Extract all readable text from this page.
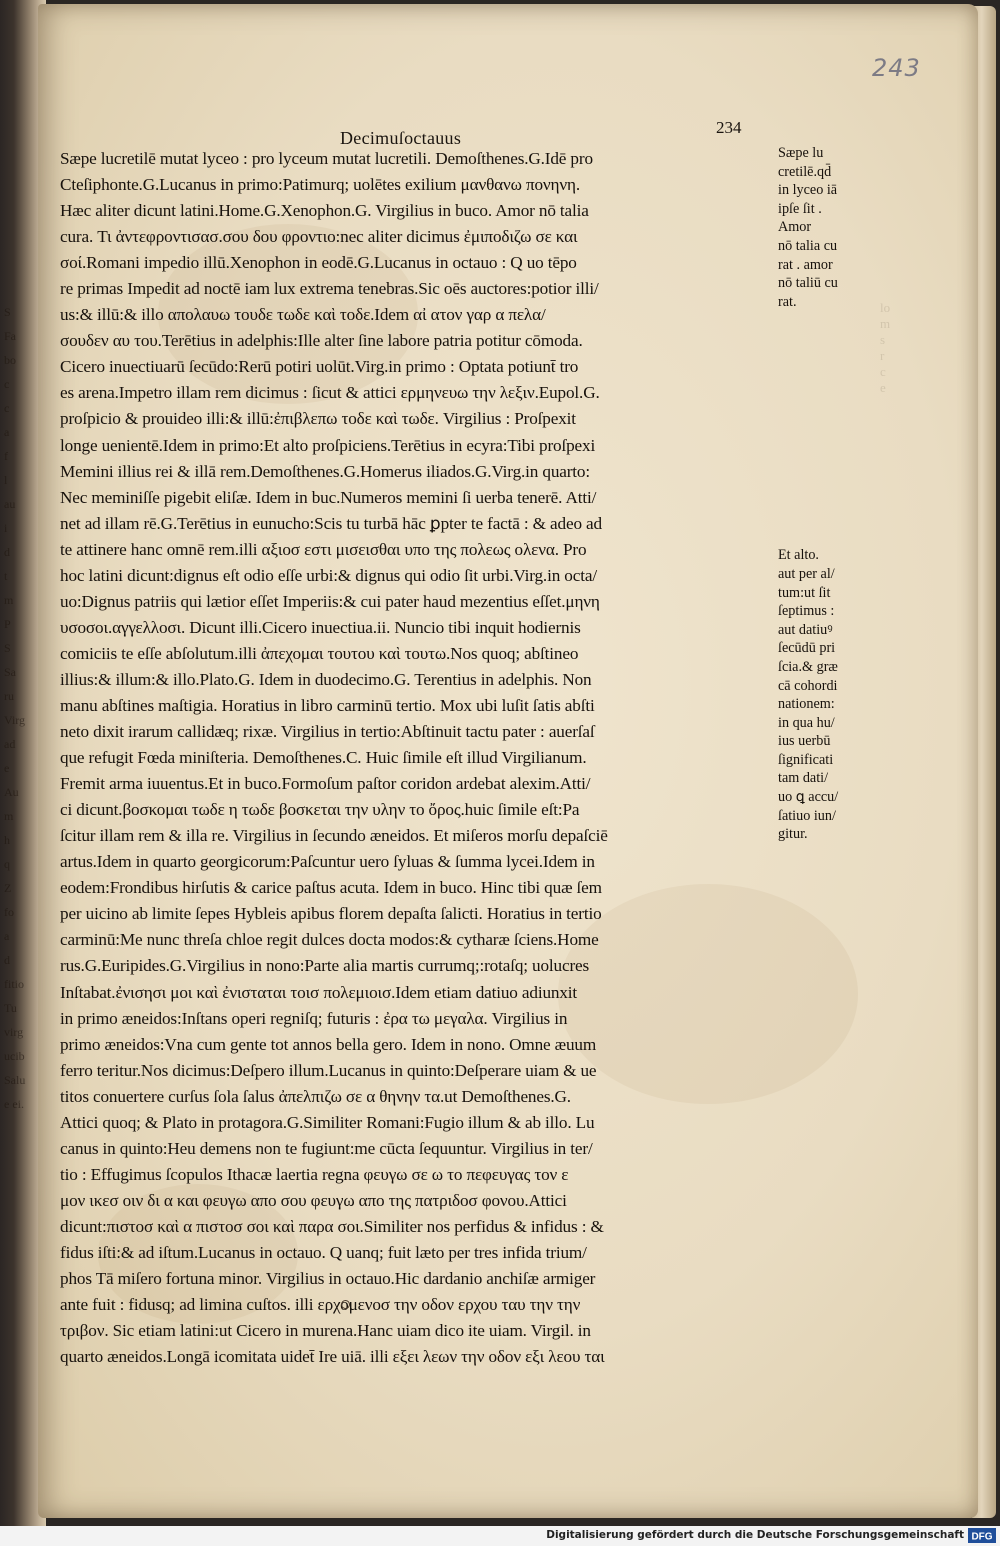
S
Fa
bo
c
c
a
f
l
au
i
d
t
m
P
S
Sa
ru
Virg
ad
e
Au
m
h
q
Z
fo
a
d
fitio
Tu
virg
ucib
Salu
e ei.
lo
m
s
r
c
e

243
Decimuſoctauus
234
Sæpe lucretilē mutat lyceo : pro lyceum mutat lucretili. Demoſthenes.G.Idē pro
Cteſiphonte.G.Lucanus in primo:Patimurq; uolētes exilium μανθανω πονηνη.
Hæc aliter dicunt latini.Home.G.Xenophon.G. Virgilius in buco. Amor nō talia
cura. Τι ἀντεφροντισασ.σου δου φροντιο:nec aliter dicimus ἐμιποδιζω σε και
σοί.Romani impedio illū.Xenophon in eodē.G.Lucanus in octauo : Q uo tēpo
re primas Impedit ad noctē iam lux extrema tenebras.Sic oēs auctores:potior illi/
us:& illū:& illo απολαυω τουδε τωδε καὶ τοδε.Idem αἰ ατον γαρ α πελα/
σουδεν αυ του.Terētius in adelphis:Ille alter ſine labore patria potitur cōmoda.
Cicero inuectiuarū ſecūdo:Rerū potiri uolūt.Virg.in primo : Optata potiunt̄ tro
es arena.Impetro illam rem dicimus : ſicut & attici ερμηνευω την λεξιν.Eupol.G.
proſpicio & prouideo illi:& illū:ἐπιβλεπω τοδε καὶ τωδε. Virgilius : Proſpexit
longe uenientē.Idem in primo:Et alto proſpiciens.Terētius in ecyra:Tibi proſpexi
Memini illius rei & illā rem.Demoſthenes.G.Homerus iliados.G.Virg.in quarto:
Nec meminiſſe pigebit eliſæ. Idem in buc.Numeros memini ſi uerba tenerē. Atti/
net ad illam rē.G.Terētius in eunucho:Scis tu turbā hāc ꝑpter te factā : & adeo ad
te attinere hanc omnē rem.illi αξιοσ εστι μισεισθαι υπο της πολεως ολενα. Pro
hoc latini dicunt:dignus eſt odio eſſe urbi:& dignus qui odio ſit urbi.Virg.in octa/
uo:Dignus patriis qui lætior eſſet Imperiis:& cui pater haud mezentius eſſet.μηνη
υσοσοι.αγγελλοσι. Dicunt illi.Cicero inuectiua.ii. Nuncio tibi inquit hodiernis
comiciis te eſſe abſolutum.illi ἀπεχομαι τουτου καὶ τουτω.Nos quoq; abſtineo
illius:& illum:& illo.Plato.G. Idem in duodecimo.G. Terentius in adelphis. Non
manu abſtines maſtigia. Horatius in libro carminū tertio. Mox ubi luſit ſatis abſti
neto dixit irarum callidæq; rixæ. Virgilius in tertio:Abſtinuit tactu pater : auerſaſ
que refugit Fœda miniſteria. Demoſthenes.C. Huic ſimile eſt illud Virgilianum.
Fremit arma iuuentus.Et in buco.Formoſum paſtor coridon ardebat alexim.Atti/
ci dicunt.βοσκομαι τωδε η τωδε βοσκεται την υλην το ὄρος.huic ſimile eſt:Pa
ſcitur illam rem & illa re. Virgilius in ſecundo æneidos. Et miſeros morſu depaſciē
artus.Idem in quarto georgicorum:Paſcuntur uero ſyluas & ſumma lycei.Idem in
eodem:Frondibus hirſutis & carice paſtus acuta. Idem in buco. Hinc tibi quæ ſem
per uicino ab limite ſepes Hybleis apibus florem depaſta ſalicti. Horatius in tertio
carminū:Me nunc threſa chloe regit dulces docta modos:& cytharæ ſciens.Home
rus.G.Euripides.G.Virgilius in nono:Parte alia martis currumq;:rotaſq; uolucres
Inſtabat.ἐνισησι μοι καὶ ἐνισταται τοισ πολεμιοισ.Idem etiam datiuo adiunxit
in primo æneidos:Inſtans operi regniſq; futuris : ἐρα τω μεγαλα. Virgilius in
primo æneidos:Vna cum gente tot annos bella gero. Idem in nono. Omne æuum
ferro teritur.Nos dicimus:Deſpero illum.Lucanus in quinto:Deſperare uiam & ue
titos conuertere curſus ſola ſalus ἀπελπιζω σε α θηνην τα.ut Demoſthenes.G.
Attici quoq; & Plato in protagora.G.Similiter Romani:Fugio illum & ab illo. Lu
canus in quinto:Heu demens non te fugiunt:me cūcta ſequuntur. Virgilius in ter/
tio : Effugimus ſcopulos Ithacæ laertia regna φευγω σε ω το πεφευγας τον ε
μον ικεσ οιν δι α και φευγω απο σου φευγω απο της πατριδοσ φονου.Attici
dicunt:πιστοσ καὶ α πιστοσ σοι καὶ παρα σοι.Similiter nos perfidus & infidus : &
fidus iſti:& ad iſtum.Lucanus in octauo. Q uanq; fuit læto per tres infida trium/
phos Tā miſero fortuna minor. Virgilius in octauo.Hic dardanio anchiſæ armiger
ante fuit : fidusq; ad limina cuſtos. illi ερχομενοσ την οδον ερχου ταυ την την
τριβον. Sic etiam latini:ut Cicero in murena.Hanc uiam dico ite uiam. Virgil. in
quarto æneidos.Longā icomitata uidet̄ Ire uiā. illi εξει λεων την οδον εξι λεου ται
Sæpe lu
cretilē.qd̄
in lyceo iā
ipſe ſit .
Amor
nō talia cu
rat . amor
nō taliū cu
rat.
Et alto.
aut per al/
tum:ut ſit
ſeptimus :
aut datiuꝰ
ſecūdū pri
ſcia.& græ
cā cohordi
nationem:
in qua hu/
ius uerbū
ſignificati
tam dati/
uo ꝗ accu/
ſatiuo iun/
gitur.
Digitalisierung gefördert durch die Deutsche Forschungsgemeinschaft DFG
